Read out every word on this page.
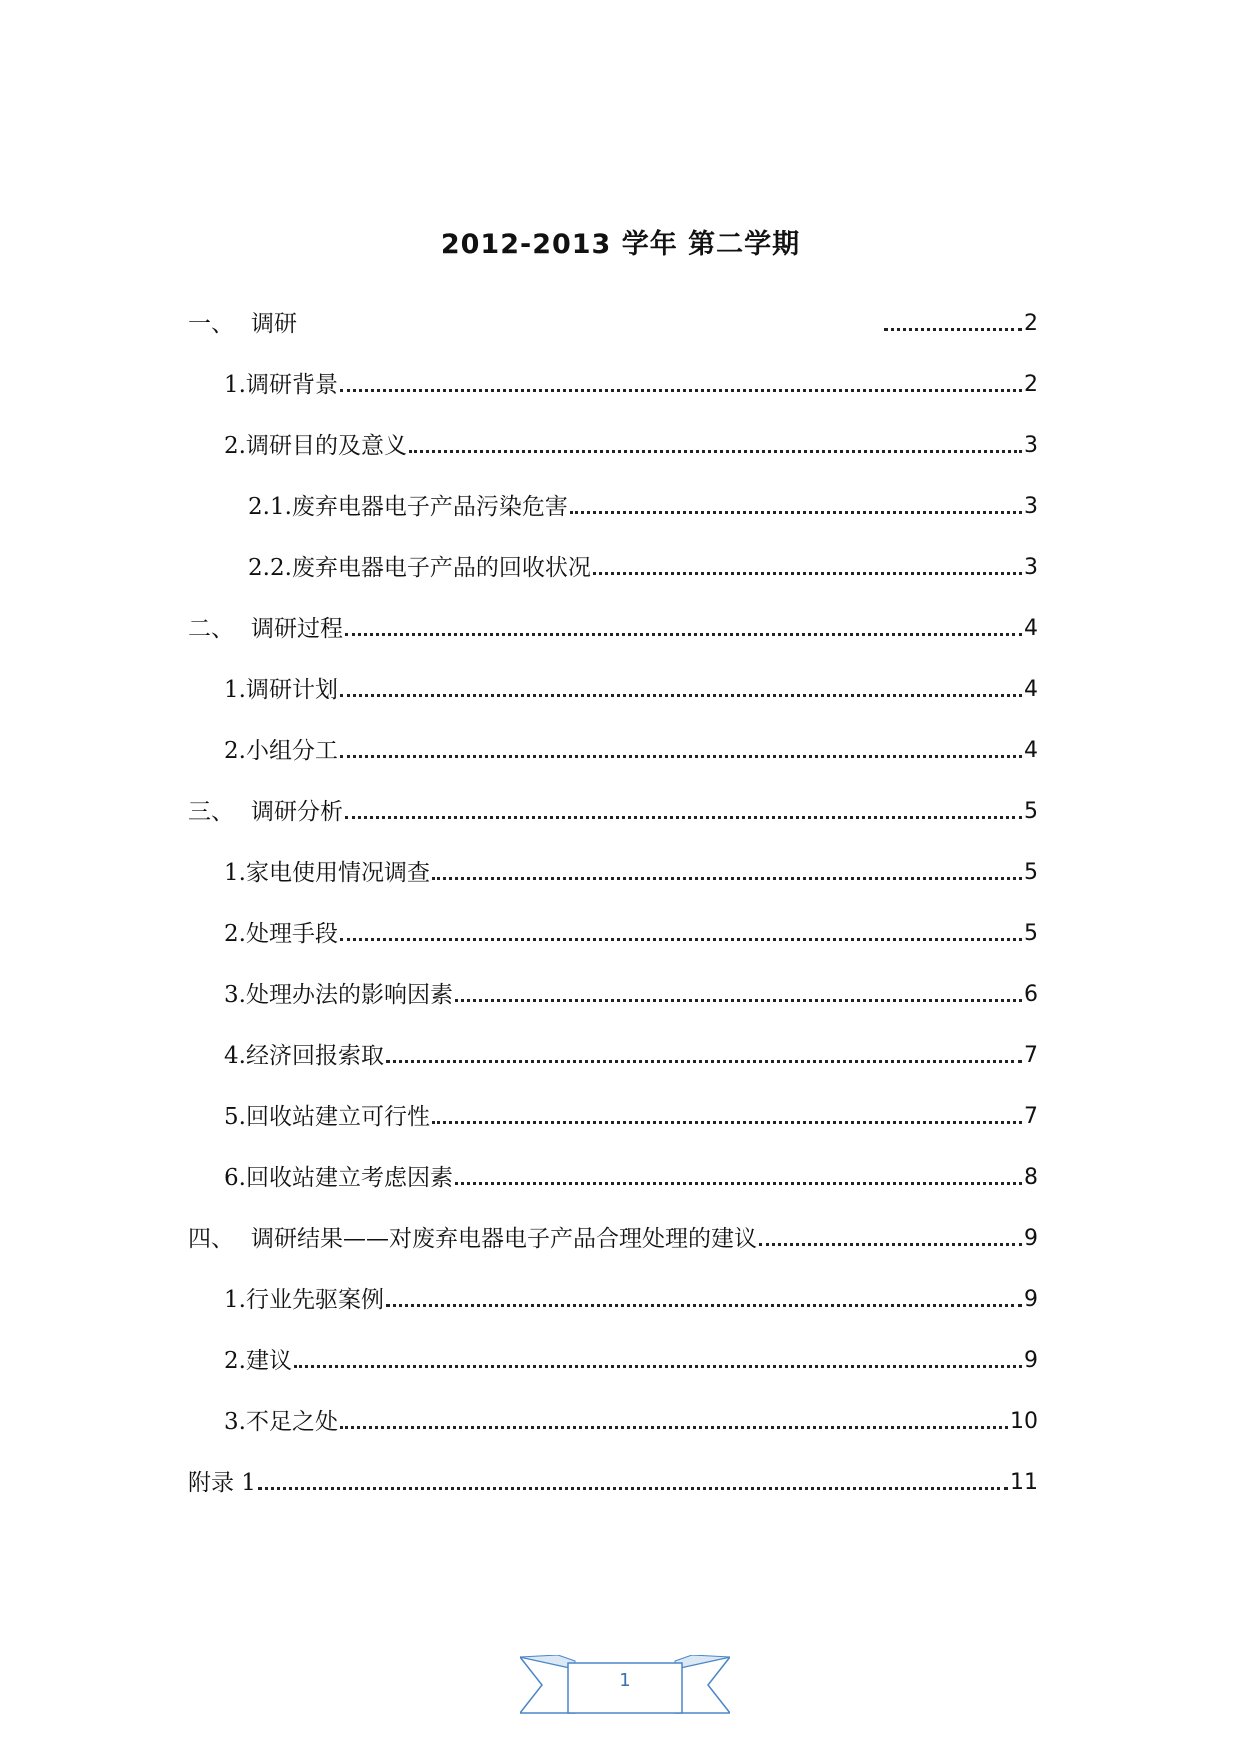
2012-2013 学年 第二学期
一、 调研	2
1. 调研背景	2
2. 调研目的及意义	3
2.1. 废弃电器电子产品污染危害	3
2.2. 废弃电器电子产品的回收状况	3
二、 调研过程	4
1. 调研计划	4
2. 小组分工	4
三、 调研分析	5
1. 家电使用情况调查	5
2. 处理手段	5
3. 处理办法的影响因素	6
4. 经济回报索取	7
5. 回收站建立可行性	7
6. 回收站建立考虑因素	8
四、 调研结果——对废弃电器电子产品合理处理的建议	9
1. 行业先驱案例	9
2. 建议	9
3. 不足之处	10
附录 1	11
1
